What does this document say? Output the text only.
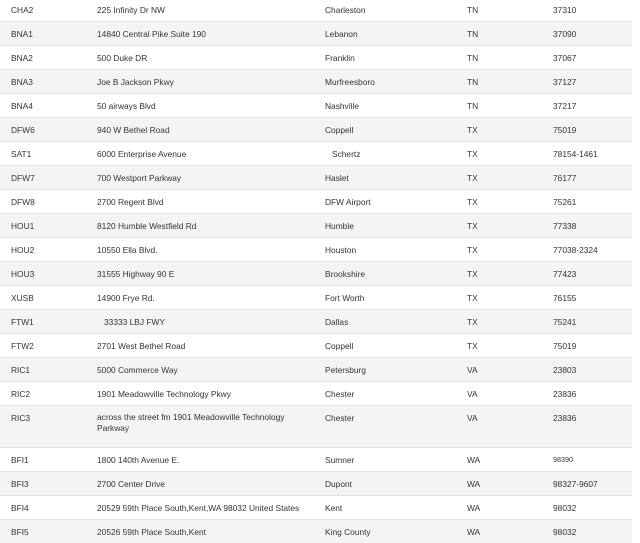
CHA2	225 Infinity Dr NW	Charleston	TN	37310
BNA1	14840 Central Pike Suite 190	Lebanon	TN	37090
BNA2	500 Duke DR	Franklin	TN	37067
BNA3	Joe B Jackson Pkwy	Murfreesboro	TN	37127
BNA4	50 airways Blvd	Nashville	TN	37217
DFW6	940 W Bethel Road	Coppell	TX	75019
SAT1	6000 Enterprise Avenue	Schertz	TX	78154-1461
DFW7	700 Westport Parkway	Haslet	TX	76177
DFW8	2700 Regent Blvd	DFW Airport	TX	75261
HOU1	8120 Humble Westfield Rd	Humble	TX	77338
HOU2	10550 Ella Blvd.	Houston	TX	77038-2324
HOU3	31555 Highway 90 E	Brookshire	TX	77423
XUSB	14900 Frye Rd.	Fort Worth	TX	76155
FTW1	33333 LBJ FWY	Dallas	TX	75241
FTW2	2701 West Bethel Road	Coppell	TX	75019
RIC1	5000 Commerce Way	Petersburg	VA	23803
RIC2	1901 Meadowville Technology Pkwy	Chester	VA	23836
RIC3	across the street fm 1901 Meadowville Technology Parkway	Chester	VA	23836
BFI1	1800 140th Avenue E.	Sumner	WA	98390
BFI3	2700 Center Drive	Dupont	WA	98327-9607
BFI4	20529 59th Place South,Kent,WA 98032 United States	Kent	WA	98032
BFI5	20526 59th Place South,Kent	King County	WA	98032
